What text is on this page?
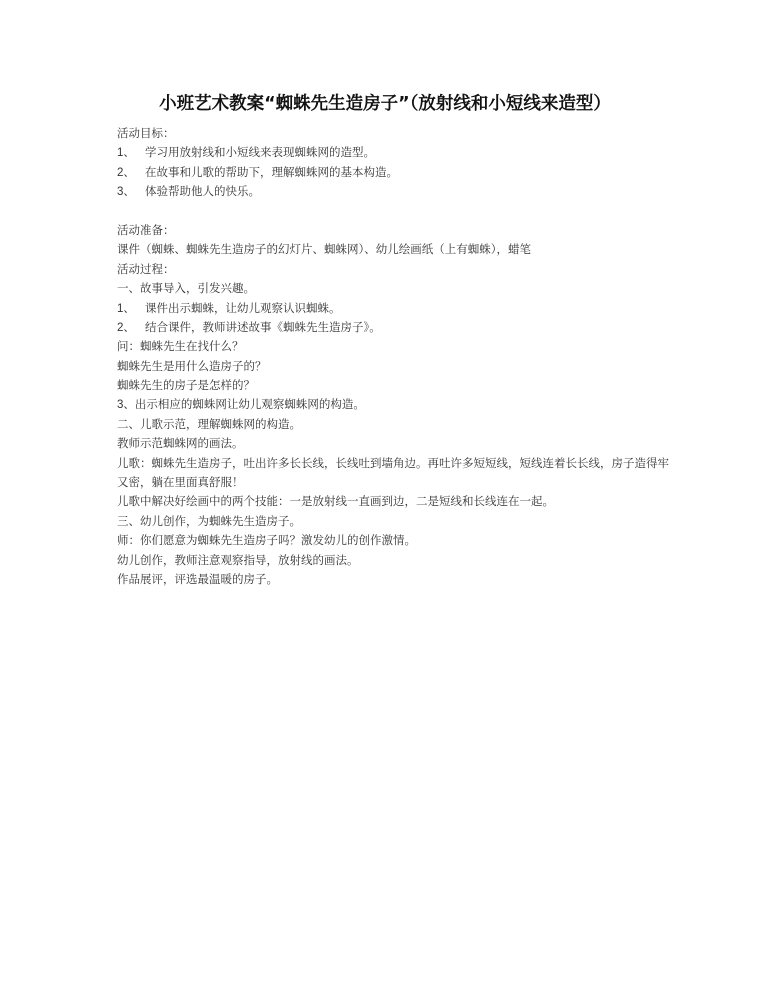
小班艺术教案“蜘蛛先生造房子”（放射线和小短线来造型）
活动目标：
1、 学习用放射线和小短线来表现蜘蛛网的造型。
2、 在故事和儿歌的帮助下，理解蜘蛛网的基本构造。
3、 体验帮助他人的快乐。
活动准备：
课件（蜘蛛、蜘蛛先生造房子的幻灯片、蜘蛛网）、幼儿绘画纸（上有蜘蛛），蜡笔
活动过程：
一、故事导入，引发兴趣。
1、 课件出示蜘蛛，让幼儿观察认识蜘蛛。
2、 结合课件，教师讲述故事《蜘蛛先生造房子》。
问：蜘蛛先生在找什么？
蜘蛛先生是用什么造房子的？
蜘蛛先生的房子是怎样的？
3、出示相应的蜘蛛网让幼儿观察蜘蛛网的构造。
二、儿歌示范，理解蜘蛛网的构造。
教师示范蜘蛛网的画法。
儿歌：蜘蛛先生造房子，吐出许多长长线，长线吐到墙角边。再吐许多短短线，短线连着长长线，房子造得牢又密，躺在里面真舒服！
儿歌中解决好绘画中的两个技能：一是放射线一直画到边，二是短线和长线连在一起。
三、幼儿创作，为蜘蛛先生造房子。
师：你们愿意为蜘蛛先生造房子吗？激发幼儿的创作激情。
幼儿创作，教师注意观察指导，放射线的画法。
作品展评，评选最温暖的房子。
